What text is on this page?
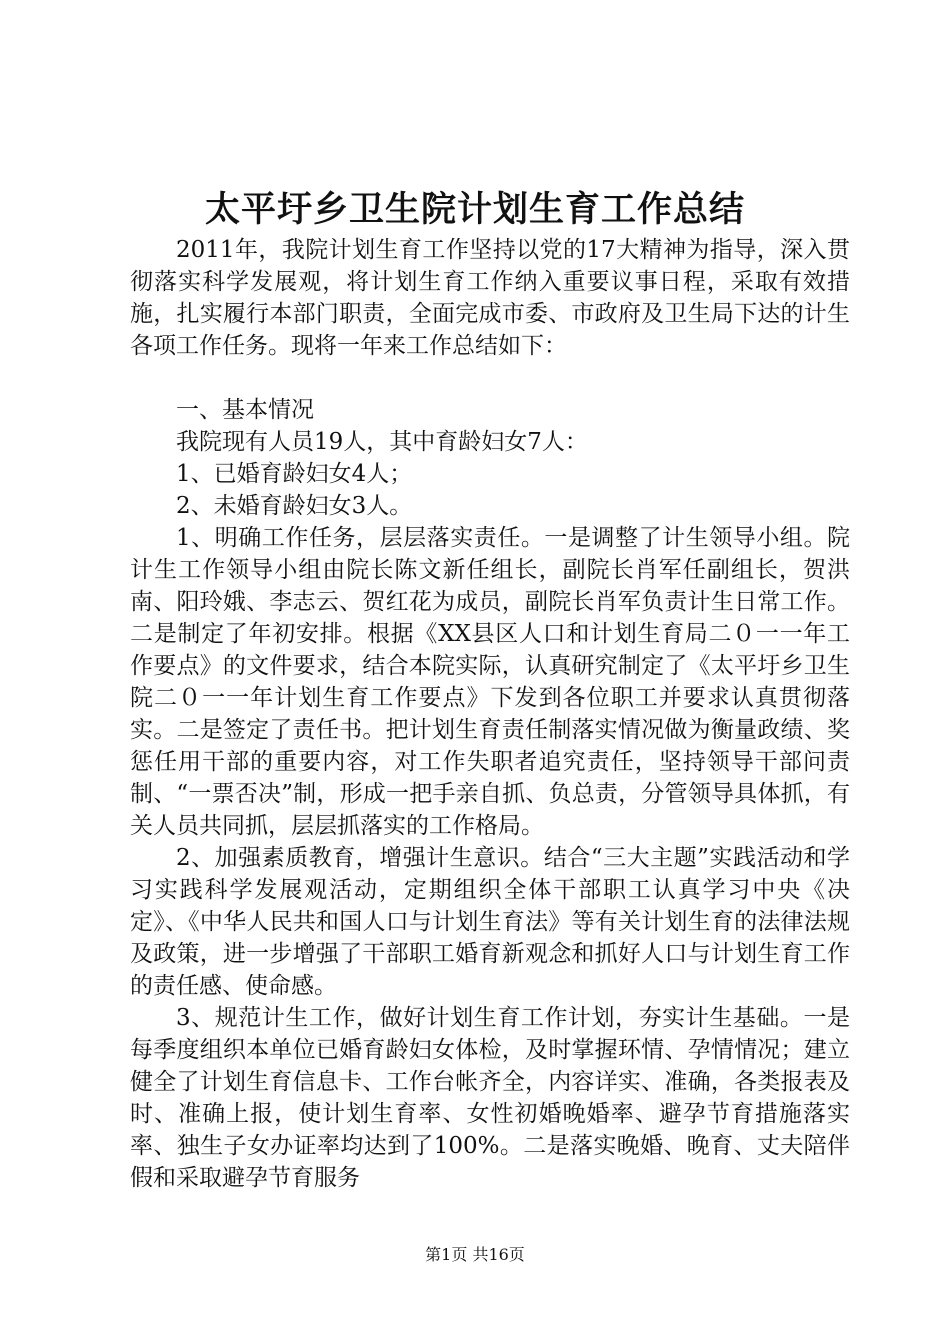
太平圩乡卫生院计划生育工作总结

2011年，我院计划生育工作坚持以党的17大精神为指导，深入贯彻落实科学发展观，将计划生育工作纳入重要议事日程，采取有效措施，扎实履行本部门职责，全面完成市委、市政府及卫生局下达的计生各项工作任务。现将一年来工作总结如下：

一、基本情况

我院现有人员19人，其中育龄妇女7人：

1、已婚育龄妇女4人；

2、未婚育龄妇女3人。

1、明确工作任务，层层落实责任。一是调整了计生领导小组。院计生工作领导小组由院长陈文新任组长，副院长肖军任副组长，贺洪南、阳玲娥、李志云、贺红花为成员，副院长肖军负责计生日常工作。二是制定了年初安排。根据《XX县区人口和计划生育局二０一一年工作要点》的文件要求，结合本院实际，认真研究制定了《太平圩乡卫生院二０一一年计划生育工作要点》下发到各位职工并要求认真贯彻落实。二是签定了责任书。把计划生育责任制落实情况做为衡量政绩、奖惩任用干部的重要内容，对工作失职者追究责任，坚持领导干部问责制、“一票否决”制，形成一把手亲自抓、负总责，分管领导具体抓，有关人员共同抓，层层抓落实的工作格局。

2、加强素质教育，增强计生意识。结合“三大主题”实践活动和学习实践科学发展观活动，定期组织全体干部职工认真学习中央《决定》、《中华人民共和国人口与计划生育法》等有关计划生育的法律法规及政策，进一步增强了干部职工婚育新观念和抓好人口与计划生育工作的责任感、使命感。

3、规范计生工作，做好计划生育工作计划，夯实计生基础。一是每季度组织本单位已婚育龄妇女体检，及时掌握环情、孕情情况；建立健全了计划生育信息卡、工作台帐齐全，内容详实、准确，各类报表及时、准确上报，使计划生育率、女性初婚晚婚率、避孕节育措施落实率、独生子女办证率均达到了100%。二是落实晚婚、晚育、丈夫陪伴假和采取避孕节育服务

第1页 共16页
